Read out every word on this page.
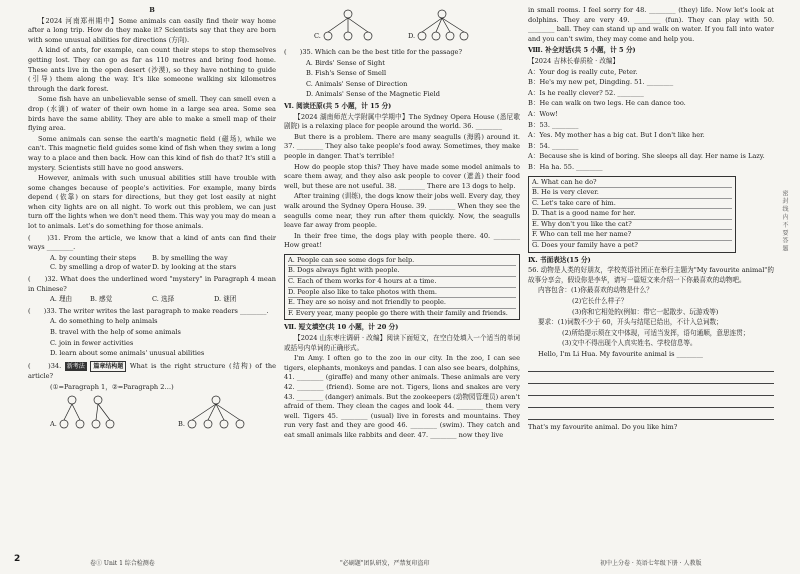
B

【2024 河南郑州期中】Some animals can easily find their way home after a long trip. How do they make it? Scientists say that they are born with some unusual abilities for directions (方向).

A kind of ants, for example, can count their steps to stop themselves getting lost. They can go as far as 110 metres and bring food home. These ants live in the open desert (沙漠), so they have nothing to guide (引导) them along the way. It's like someone walking six kilometres through the dark forest.

Some fish have an unbelievable sense of smell. They can smell even a drop (水滴) of water of their own home in a large sea area. Some sea birds have the same ability. They are able to make a smell map of their flying area.

Some animals can sense the earth's magnetic field (磁场), while we can't. This magnetic field guides some kind of fish when they swim a long way to a place and then back. How can this kind of fish do that? It's still a mystery. Scientists still have no good answers.

However, animals with such unusual abilities still have trouble with some changes because of people's activities. For example, many birds depend (依靠) on stars for directions, but they get lost easily at night when city lights are on all night. To work out this problem, we can just turn off the lights when we don't need them. This way you may do mean a lot to animals. Let's do something for those animals.

(　　)31. From the article, we know that a kind of ants can find their ways ________.

A. by counting their steps	B. by smelling the way
C. by smelling a drop of water D. by looking at the stars

(　　)32. What does the underlined word "mystery" in Paragraph 4 mean in Chinese?

A. 理由	B. 感觉	C. 选择	D. 谜团

(　　)33. The writer writes the last paragraph to make readers ________.

A. do something to help animals

B. travel with the help of some animals

C. join in fewer activities

D. learn about some animals' unusual abilities

(　　)34. 新考法 篇章结构题 What is the right structure (结构) of the article?

(①=Paragraph 1，②=Paragraph 2…)

A.	B.
C.	D.

(　　)35. Which can be the best title for the passage?

A. Birds' Sense of Sight

B. Fish's Sense of Smell

C. Animals' Sense of Direction

D. Animals' Sense of the Magnetic Field

Ⅵ. 阅读还原(共 5 小题，计 15 分)

【2024 湖南师范大学附属中学期中】The Sydney Opera House (悉尼歌剧院) is a relaxing place for people around the world. 36. ________

But there is a problem. There are many seagulls (海鸥) around it. 37. ________ They also take people's food away. Sometimes, they make people in danger. That's terrible!

How do people stop this? They have made some model animals to scare them away, and they also ask people to cover (遮盖) their food well, but these are not useful. 38. ________ There are 13 dogs to help.

After training (训练), the dogs know their jobs well. Every day, they walk around the Sydney Opera House. 39. ________ When they see the seagulls come near, they run after them quickly. Now, the seagulls leave far away from people.

In their free time, the dogs play with people there. 40. ________ How great!

A. People can see some dogs for help.
B. Dogs always fight with people.
C. Each of them works for 4 hours at a time.
D. People also like to take photos with them.
E. They are so noisy and not friendly to people.
F. Every year, many people go there with their family and friends.

Ⅶ. 短文填空(共 10 小题，计 20 分)

【2024 山东枣庄调研 · 改编】阅读下面短文，在空白处填入一个适当的单词或括号内单词的正确形式。

I'm Amy. I often go to the zoo in our city. In the zoo, I can see tigers, elephants, monkeys and pandas. I can also see bears, dolphins, 41. ________ (giraffe) and many other animals. These animals are very 42. ________ (friend). Some are not. Tigers, lions and snakes are very 43. ________ (danger) animals. But the zookeepers (动物园管理员) aren't afraid of them. They clean the cages and look 44. ________ them very well. Tigers 45. ________ (usual) live in forests and mountains. They run very fast and they are good 46. ________ (swim). They catch and eat small animals like rabbits and deer. 47. ________ now they live

in small rooms. I feel sorry for 48. ________ (they) life. Now let's look at dolphins. They are very 49. ________ (fun). They can play with 50. ________ ball. They can stand up and walk on water. If you fall into water and you can't swim, they may come and help you.

Ⅷ. 补全对话(共 5 小题，计 5 分)

【2024 吉林长春质检 · 改编】

A：Your dog is really cute, Peter.

B：He's my new pet, Dingding. 51. ________

A：Is he really clever? 52. ________

B：He can walk on two legs. He can dance too.

A：Wow!

B：53. ________

A：Yes. My mother has a big cat. But I don't like her.

B：54. ________

A：Because she is kind of boring. She sleeps all day. Her name is Lazy.

B：Ha ha. 55. ________

A. What can he do?
B. He is very clever.
C. Let's take care of him.
D. That is a good name for her.
E. Why don't you like the cat?
F. Who can tell me her name?
G. Does your family have a pet?

Ⅸ. 书面表达(15 分)

56. 动物是人类的好朋友，学校英语社团正在举行主题为"My favourite animal"的故事分享会，假设你是李华，请写一篇短文来介绍一下你最喜欢的动物吧。

内容包含：(1)你最喜欢的动物是什么？

(2)它长什么样子？

(3)你和它相处的(例如：带它一起散步、玩游戏等)

要求：(1)词数不少于 60，开头与结尾已给出，不计入总词数；

(2)所给提示须在文中体现，可适当发挥，语句通顺，意思连贯；

(3)文中不得出现个人真实姓名、学校信息等。

Hello, I'm Li Hua. My favourite animal is ________

That's my favourite animal. Do you like him?

2	卷① Unit 1 综合检测卷	"必刷题"团队研发，严禁复印盗印	初中上分卷 · 英语七年级下册 · 人教版
密 封 线 内 不 要 答 题
